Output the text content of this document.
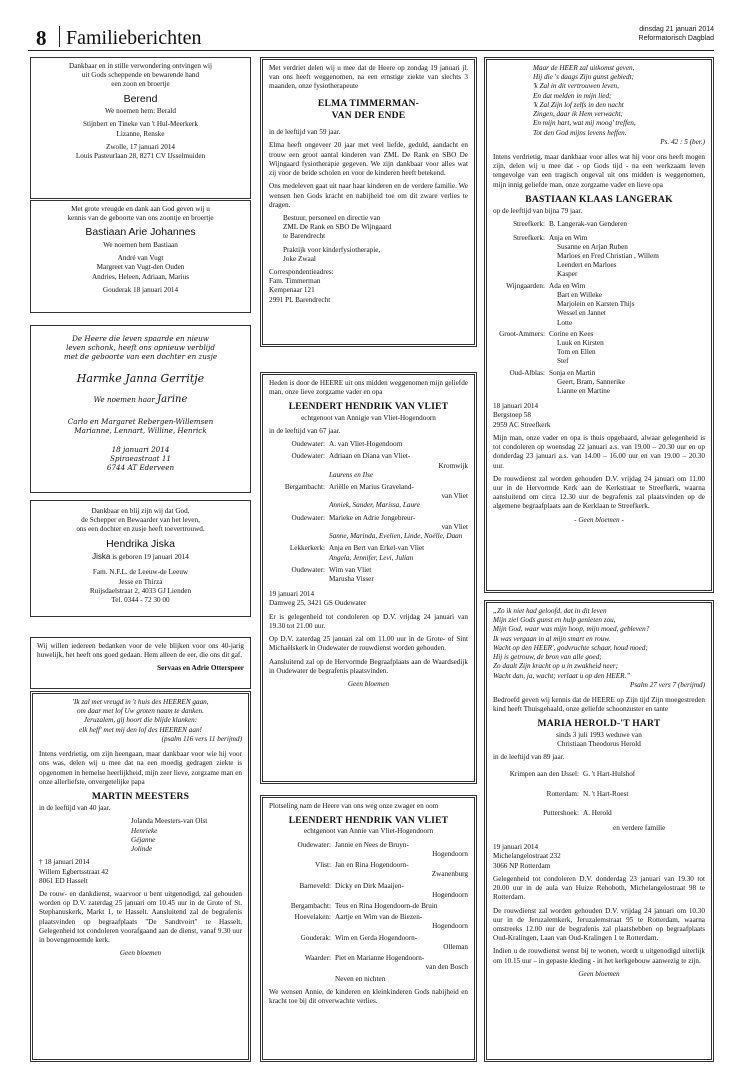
8 Familieberichten	dinsdag 21 januari 2014
Reformatorisch Dagblad
Dankbaar en in stille verwondering ontvingen wij
uit Gods scheppende en bewarende hand
een zoon en broertje
Berend

We noemen hem: Berald

Stijnbert en Tineke van 't Hul-Meerkerk
Lizanne, Renske

Zwolle, 17 januari 2014
Louis Pasteurlaan 28, 8271 CV IJsselmuiden

Met grote vreugde en dank aan God geven wij u
kennis van de geboorte van ons zoontje en broertje
Bastiaan Arie Johannes

We noemen hem Bastiaan

André van Vugt
Margreet van Vugt-den Ouden
Andries, Heleen, Adriaan, Marius

Gouderak 18 januari 2014

De Heere die leven spaarde en nieuw
leven schonk, heeft ons opnieuw verblijd
met de geboorte van een dochter en zusje
Harmke Janna Gerritje

We noemen haar Jarine

Carlo en Margaret Rebergen-Willemsen
Marianne, Lennart, Willine, Henrick

18 januari 2014
Spiraeastraat 11
6744 AT Ederveen

Dankbaar en blij zijn wij dat God,
de Schepper en Bewaarder van het leven,
ons een dochter en zusje heeft toevertrouwd.
Hendrika Jiska

Jiska is geboren 19 januari 2014

Fam. N.F.L. de Leeuw-de Leeuw
Jesse en Thirza
Ruijsdaelstraat 2, 4033 GJ Lienden
Tel. 0344 - 72 30 00

Wij willen iedereen bedanken voor de vele blijken voor ons 40-jarig huwelijk, het heeft ons goed gedaan. Hem alleen de eer, die ons dit gaf.

Servaas en Adrie Otterspeer

'Ik zal met vreugd in 't huis des HEEREN gaan,
om daar met lof Uw groten naam te danken.
Jeruzalem, gij hoort die blijde klanken:
elk heff' met mij den lof des HEEREN aan!
(psalm 116 vers 11 berijmd)

Intens verdrietig, om zijn heengaan, maar dankbaar voor wie hij voor ons was, delen wij u mee dat na een moedig gedragen ziekte is opgenomen in hemelse heerlijkheid, mijn zeer lieve, zorgzame man en onze allerliefste, onvergetelijke papa

MARTIN MEESTERS

in de leeftijd van 40 jaar.

Jolanda Meesters-van Olst
Henrieke
Géjanne
Jolinde

† 18 januari 2014
Willem Egbertsstraat 42
8061 ED Hasselt

De rouw- en dankdienst, waarvoor u bent uitgenodigd, zal gehouden worden op D.V. zaterdag 25 januari om 10.45 uur in de Grote of St. Stephanuskerk, Markt 1, te Hasselt. Aansluitend zal de begrafenis plaatsvinden op begraafplaats "De Sandtvoirt" te Hasselt. Gelegenheid tot condoleren voorafgaand aan de dienst, vanaf 9.30 uur in bovengenoemde kerk.

Geen bloemen

Met verdriet delen wij u mee dat de Heere op zondag 19 januari jl. van ons heeft weggenomen, na een ernstige ziekte van slechts 3 maanden, onze fysiotherapeute

ELMA TIMMERMAN-
VAN DER ENDE

in de leeftijd van 59 jaar.

Elma heeft ongeveer 20 jaar met veel liefde, geduld, aandacht en trouw een groot aantal kinderen van ZML De Rank en SBO De Wijngaard fysiotherapie gegeven. We zijn dankbaar voor alles wat zij voor de beide scholen en voor de kinderen heeft betekend.

Ons medeleven gaat uit naar haar kinderen en de verdere familie. We wensen hen Gods kracht en nabijheid toe om dit zware verlies te dragen.

Bestuur, personeel en directie van
ZML De Rank en SBO De Wijngaard
te Barendrecht

Praktijk voor kinderfysiotherapie,
Joke Zwaal

Correspondentieadres:
Fam. Timmerman
Kempenaar 121
2991 PL Barendrecht

Heden is door de HEERE uit ons midden weggenomen mijn geliefde man, onze lieve zorgzame vader en opa

LEENDERT HENDRIK VAN VLIET

echtgenoot van Annigje van Vliet-Hogendoorn

in de leeftijd van 67 jaar.

Oudewater: A. van Vliet-Hogendoorn
Oudewater: Adriaan en Diana van Vliet-
Kromwijk
Laurens en Ilse
Bergambacht: Ariëlle en Marius Graveland-
van Vliet
Anniek, Sander, Marissa, Laure
Oudewater: Marieke en Adrie Jongebreur-
van Vliet
Sanne, Marinda, Evelien, Linde, Noëlle, Daan
Lekkerkerk: Anja en Bert van Erkel-van Vliet
Angela, Jennifer, Levi, Julian
Oudewater: Wim van Vliet
Marusha Visser

19 januari 2014
Damweg 25, 3421 GS Oudewater

Er is gelegenheid tot condoleren op D.V. vrijdag 24 januari van 19.30 tot 21.00 uur.

Op D.V. zaterdag 25 januari zal om 11.00 uur in de Grote- of Sint Michaëlskerk in Oudewater de rouwdienst worden gehouden.

Aansluitend zal op de Hervormde Begraafplaats aan de Waardsedijk in Oudewater de begrafenis plaatsvinden.

Geen bloemen

Plotseling nam de Heere van ons weg onze zwager en oom

LEENDERT HENDRIK VAN VLIET

echtgenoot van Annie van Vliet-Hogendoorn

Oudewater: Jannie en Nees de Bruyn-
Hogendoorn
Vlist: Jan en Rina Hogendoorn-
Zwanenburg
Barneveld: Dicky en Dirk Maaijen-
Hogendoorn
Bergambacht: Teus en Rina Hogendoorn-de Bruin
Hoevelaken: Aartje en Wim van de Biezen-
Hogendoorn
Gouderak: Wim en Gerda Hogendoorn-
Olleman
Waarder: Piet en Marianne Hogendoorn-
van den Bosch
Neven en nichten

We wensen Annie, de kinderen en kleinkinderen Gods nabijheid en kracht toe bij dit onverwachte verlies.

Maar de HEER zal uitkomst geven,
Hij die 's daags Zijn gunst gebiedt;
'k Zal in dit vertrouwen leven,
En dat melden in mijn lied;
'k Zal Zijn lof zelfs in den nacht
Zingen, daar ik Hem verwacht;
En mijn hart, wat mij moog' treffen,
Tot den God mijns levens heffen.
Ps. 42 : 5 (ber.)

Intens verdrietig, maar dankbaar voor alles wat hij voor ons heeft mogen zijn, delen wij u mee dat - op Gods tijd - na een werkzaam leven tengevolge van een tragisch ongeval uit ons midden is weggenomen, mijn innig geliefde man, onze zorgzame vader en lieve opa

BASTIAAN KLAAS LANGERAK

op de leeftijd van bijna 79 jaar.

Streefkerk: B. Langerak-van Genderen
Streefkerk: Anja en Wim
Susanne en Arjan Ruben
Marloes en Fred Christian , Willem
Leendert en Marloes
Kasper
Wijngaarden: Ada en Wim
Bart en Willeke
Marjolein en Karsten Thijs
Wessel en Jannet
Lotte
Groot-Ammers: Corine en Kees
Luuk en Kirsten
Tom en Ellen
Stef
Oud-Alblas: Sonja en Martin
Geert, Bram, Sannerike
Lianne en Martine

18 januari 2014
Bergstoep 58
2959 AC Streefkerk

Mijn man, onze vader en opa is thuis opgebaard, alwaar gelegenheid is tot condoleren op woensdag 22 januari a.s. van 19.00 – 20.30 uur en op donderdag 23 januari a.s. van 14.00 – 16.00 uur en van 19.00 – 20.30 uur.

De rouwdienst zal worden gehouden D.V. vrijdag 24 januari om 11.00 uur in de Hervormde Kerk aan de Kerkstraat te Streefkerk, waarna aansluitend om circa 12.30 uur de begrafenis zal plaatsvinden op de algemene begraafplaats aan de Kerklaan te Streefkerk.

- Geen bloemen -

„Zo ik niet had geloofd, dat in dit leven
Mijn ziel Gods gunst en hulp genieten zou,
Mijn God, waar was mijn hoop, mijn moed, gebleven?
Ik was vergaan in al mijn smart en rouw.
Wacht op den HEER', godvruchte schaar, houd moed;
Hij is getrouw, de bron van alle goed;
Zo daalt Zijn kracht op u in zwakheid neer;
Wacht dan, ja, wacht; verlaat u op den HEER.”
Psalm 27 vers 7 (berijmd)

Bedroefd geven wij kennis dat de HEERE op Zijn tijd Zijn moegestreden kind heeft Thuisgehaald, onze geliefde schoonzuster en tante

MARIA HEROLD-'T HART

sinds 3 juli 1993 weduwe van
Christiaan Theodorus Herold

in de leeftijd van 89 jaar.

Krimpen aan den IJssel: G. 't Hart-Hulshof
Rotterdam: N. 't Hart-Roest
Puttershoek: A. Herold

en verdere familie

19 januari 2014
Michelangelostraat 232
3066 NP Rotterdam

Gelegenheid tot condoleren D.V. donderdag 23 januari van 19.30 tot 20.00 uur in de aula van Huize Rehoboth, Michelangelostraat 98 te Rotterdam.

De rouwdienst zal worden gehouden D.V. vrijdag 24 januari om 10.30 uur in de Jeruzalemkerk, Jeruzalemstraat 95 te Rotterdam, waarna omstreeks 12.00 uur de begrafenis zal plaatshebben op begraafplaats Oud-Kralingen, Laan van Oud-Kralingen 1 te Rotterdam.

Indien u de rouwdienst wenst bij te wonen, wordt u uitgenodigd uiterlijk om 10.15 uur – in gepaste kleding - in het kerkgebouw aanwezig te zijn.

Geen bloemen
